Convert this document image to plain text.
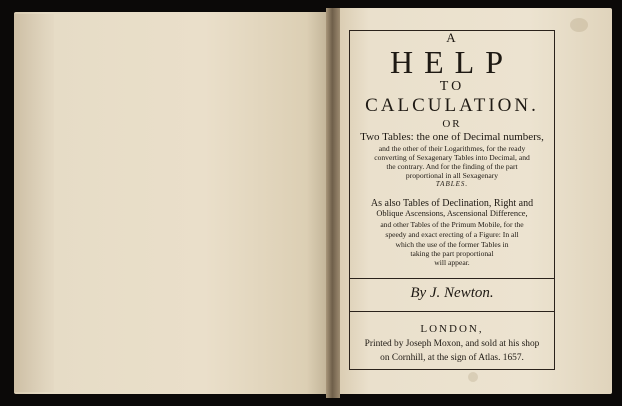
A
HELP
TO
CALCULATION.
OR
Two Tables: the one of Decimal numbers,
and the other of their Logarithmes, for the ready
converting of Sexagenary Tables into Decimal, and
the contrary. And for the finding of the part
proportional in all Sexagenary
TABLES.
As also Tables of Declination, Right and
Oblique Ascensions, Ascensional Difference,
and other Tables of the Primum Mobile, for the
speedy and exact erecting of a Figure: In all
which the use of the former Tables in
taking the part proportional
will appear.
By J. Newton.
LONDON,
Printed by Joseph Moxon, and sold at his shop
on Cornhill, at the sign of Atlas. 1657.
